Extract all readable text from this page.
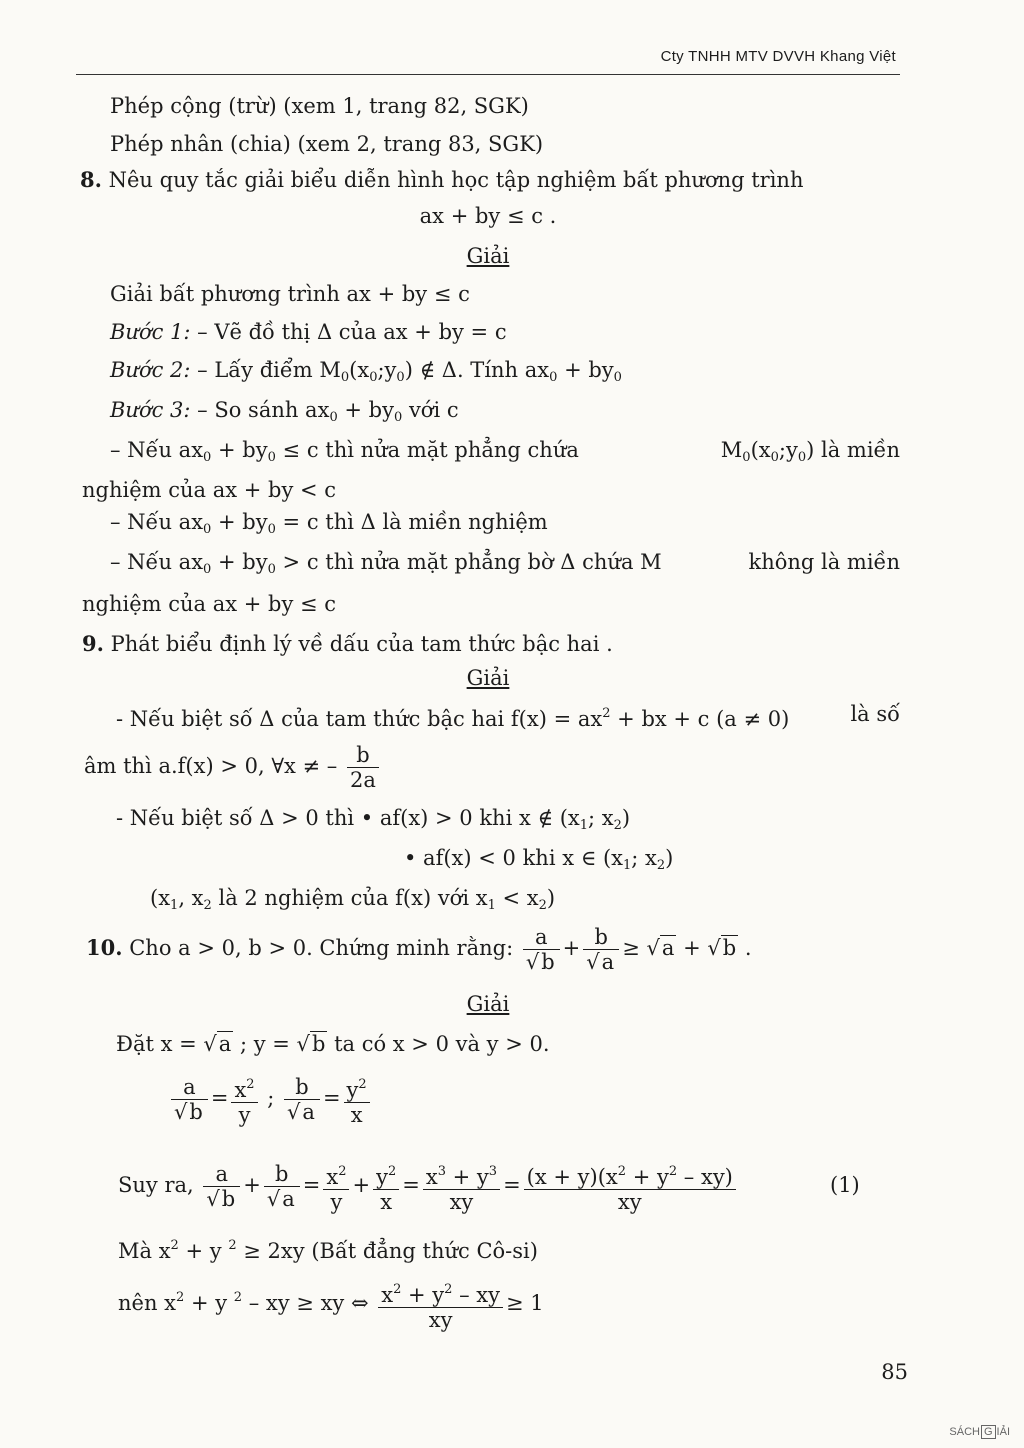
Cty TNHH MTV DVVH Khang Việt
Phép cộng (trừ) (xem 1, trang 82, SGK)
Phép nhân (chia) (xem 2, trang 83, SGK)
8. Nêu quy tắc giải biểu diễn hình học tập nghiệm bất phương trình
ax + by ≤ c .
Giải
Giải bất phương trình ax + by ≤ c
Bước 1: – Vẽ đồ thị Δ của ax + by = c
Bước 2: – Lấy điểm $M_0(x_0;y_0)$ ∉ Δ. Tính $ax_0 + by_0$
Bước 3: – So sánh $ax_0 + by_0$ với c
– Nếu $ax_0 + by_0 \le c$ thì nửa mặt phẳng chứa	$M_0(x_0;y_0)$ là miền
nghiệm của ax + by < c
– Nếu $ax_0 + by_0 = c$ thì Δ là miền nghiệm
– Nếu $ax_0 + by_0 > c$ thì nửa mặt phẳng bờ Δ chứa M	không là miền
nghiệm của ax + by ≤ c
9. Phát biểu định lý về dấu của tam thức bậc hai .
Giải
- Nếu biệt số Δ của tam thức bậc hai $f(x) = ax^2$ + bx + c (a ≠ 0)	là số
âm thì a.f(x) > 0, ∀x ≠ – $\frac{b}{2a}$
- Nếu biệt số Δ > 0 thì • af(x) > 0 khi x ∉ ($x_1$; $x_2$)
• af(x) < 0 khi x ∈ ($x_1$; $x_2$)
($x_1$, $x_2$ là 2 nghiệm của f(x) với $x_1 < x_2$)
10. Cho a > 0, b > 0. Chứng minh rằng: $\frac{a}{√b} + \frac{b}{√a} \ge √a + √b$ .
Giải
Đặt x = √a ; y = √b ta có x > 0 và y > 0.
$\frac{a}{√b} = \frac{x^2}{y}$ ; $\frac{b}{√a} = \frac{y^2}{x}$
Suy ra, $\frac{a}{√b} + \frac{b}{√a} = \frac{x^2}{y} + \frac{y^2}{x} = \frac{x^3 + y^3}{xy} = \frac{(x + y)(x^2 + y^2 - xy)}{xy}$	(1)
Mà $x^2 + y$ $^2$ ≥ 2xy (Bất đẳng thức Cô-si)
nên $x^2 + y$ $^2$ – xy ≥ xy ⇔ $\frac{x^2 + y^2 - xy}{xy} \ge 1$
85
SÁCH G IẢI
